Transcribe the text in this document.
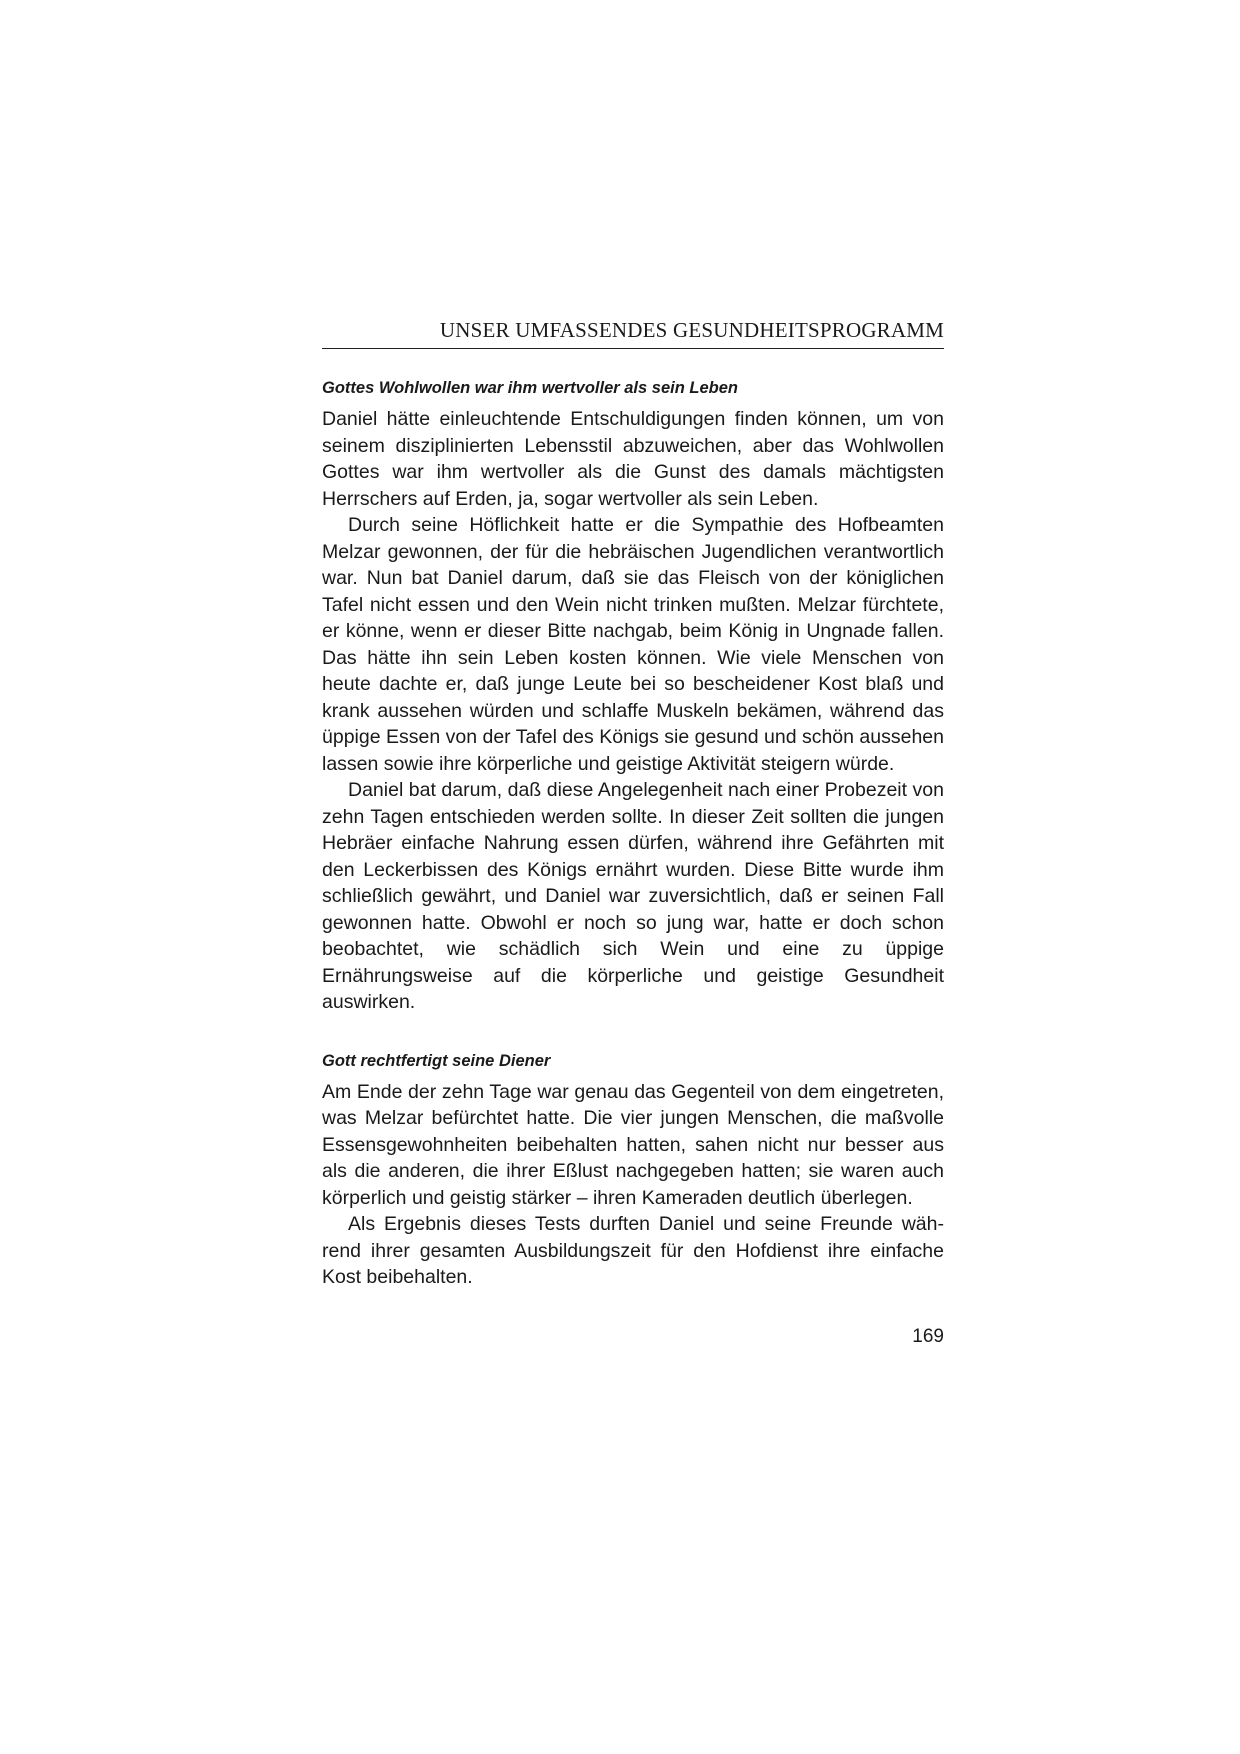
UNSER UMFASSENDES GESUNDHEITSPROGRAMM
Gottes Wohlwollen war ihm wertvoller als sein Leben

Daniel hätte einleuchtende Entschuldigungen finden können, um von seinem disziplinierten Lebensstil abzuweichen, aber das Wohlwollen Gottes war ihm wertvoller als die Gunst des damals mächtigsten Herrschers auf Erden, ja, sogar wertvoller als sein Leben.

Durch seine Höflichkeit hatte er die Sympathie des Hofbeamten Melzar gewonnen, der für die hebräischen Jugendlichen verantwortlich war. Nun bat Daniel darum, daß sie das Fleisch von der königlichen Tafel nicht essen und den Wein nicht trinken mußten. Melzar fürchtete, er könne, wenn er dieser Bitte nachgab, beim König in Ungnade fallen. Das hätte ihn sein Leben kosten können. Wie viele Menschen von heute dachte er, daß junge Leute bei so bescheidener Kost blaß und krank aussehen würden und schlaffe Muskeln bekämen, während das üppige Essen von der Tafel des Königs sie gesund und schön aussehen lassen sowie ihre körperliche und geistige Aktivität steigern würde.

Daniel bat darum, daß diese Angelegenheit nach einer Probezeit von zehn Tagen entschieden werden sollte. In dieser Zeit sollten die jungen Hebräer einfache Nahrung essen dürfen, während ihre Gefährten mit den Leckerbissen des Königs ernährt wurden. Diese Bitte wurde ihm schließlich gewährt, und Daniel war zuversichtlich, daß er seinen Fall gewonnen hatte. Obwohl er noch so jung war, hatte er doch schon beobachtet, wie schädlich sich Wein und eine zu üppige Ernährungsweise auf die körperliche und geistige Gesundheit auswirken.

Gott rechtfertigt seine Diener

Am Ende der zehn Tage war genau das Gegenteil von dem eingetreten, was Melzar befürchtet hatte. Die vier jungen Menschen, die maßvolle Essensgewohnheiten beibehalten hatten, sahen nicht nur besser aus als die anderen, die ihrer Eßlust nachgegeben hatten; sie waren auch körperlich und geistig stärker – ihren Kameraden deutlich überlegen.

Als Ergebnis dieses Tests durften Daniel und seine Freunde während ihrer gesamten Ausbildungszeit für den Hofdienst ihre einfache Kost beibehalten.

169
